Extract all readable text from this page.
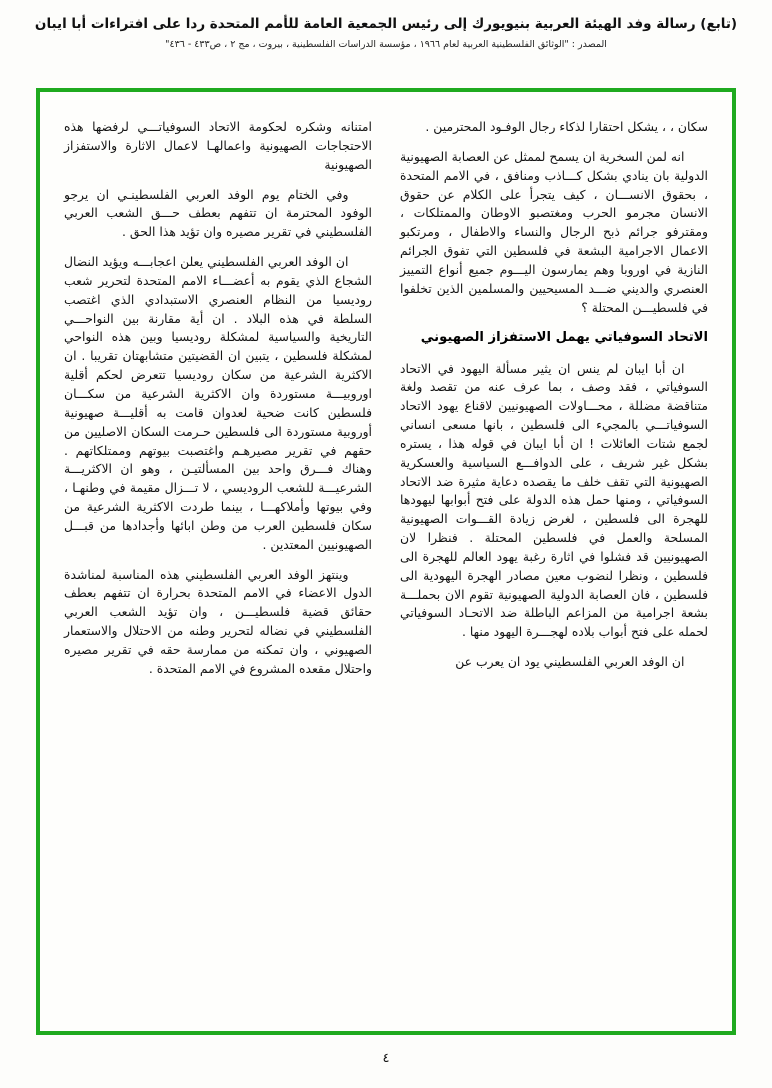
(تابع) رسالة وفد الهيئة العربية بنيويورك إلى رئيس الجمعية العامة للأمم المتحدة ردا على افتراءات أبا ايبان
المصدر : "الوثائق الفلسطينية العربية لعام ١٩٦٦ ، مؤسسة الدراسات الفلسطينية ، بيروت ، مج ٢ ، ص٤٣٣ - ٤٣٦"

سكان ، ، يشكل احتقارا لذكاء رجال الوفـود المحترمين .

انه لمن السخرية ان يسمح لممثل عن العصابة الصهيونية الدولية بان ينادي بشكل كـــاذب ومنافق ، في الامم المتحدة ، بحقوق الانســـان ، كيف يتجرأ على الكلام عن حقوق الانسان مجرمو الحرب ومغتصبو الاوطان والممتلكات ، ومقترفو جرائم ذبح الرجال والنساء والاطفال ، ومرتكبو الاعمال الاجرامية البشعة في فلسطين التي تفوق الجرائم النازية في اوروبا وهم يمارسون اليـــوم جميع أنواع التمييز العنصري والديني ضـــد المسيحيين والمسلمين الذين تخلفوا في فلسطيـــن المحتلة ؟

الاتحاد السوفياتي يهمل الاستفزاز الصهيوني

ان أبا ايبان لم ينس ان يثير مسألة اليهود في الاتحاد السوفياتي ، فقد وصف ، بما عرف عنه من تقصد ولغة متناقضة مضللة ، محـــاولات الصهيونيين لاقناع يهود الاتحاد السوفياتـــي بالمجيء الى فلسطين ، بانها مسعى انساني لجمع شتات العائلات ! ان أبا ايبان في قوله هذا ، يستره بشكل غير شريف ، على الدوافـــع السياسية والعسكرية الصهيونية التي تقف خلف ما يقصده دعاية مثيرة ضد الاتحاد السوفياتي ، ومنها حمل هذه الدولة على فتح أبوابها ليهودها للهجرة الى فلسطين ، لغرض زيادة القـــوات الصهيونية المسلحة والعمل في فلسطين المحتلة . فنظرا لان الصهيونيين قد فشلوا في اثارة رغبة يهود العالم للهجرة الى فلسطين ، ونظرا لنضوب معين مصادر الهجرة اليهودية الى فلسطين ، فان العصابة الدولية الصهيونية تقوم الان بحملـــة بشعة اجرامية من المزاعم الباطلة ضد الاتحـاد السوفياتي لحمله على فتح أبواب بلاده لهجـــرة اليهود منها .

ان الوفد العربي الفلسطيني يود ان يعرب عن

امتنانه وشكره لحكومة الاتحاد السوفياتـــي لرفضها هذه الاحتجاجات الصهيونية واعمالهـا لاعمال الاثارة والاستفزاز الصهيونية

وفي الختام يوم الوفد العربي الفلسطينـي ان يرجو الوفود المحترمة ان تتفهم بعطف حـــق الشعب العربي الفلسطيني في تقرير مصيره وان تؤيد هذا الحق .

ان الوفد العربي الفلسطيني يعلن اعجابـــه ويؤيد النضال الشجاع الذي يقوم به أعضـــاء الامم المتحدة لتحرير شعب روديسيا من النظام العنصري الاستبدادي الذي اغتصب السلطة في هذه البلاد . ان أية مقارنة بين النواحـــي التاريخية والسياسية لمشكلة روديسيا وبين هذه النواحي لمشكلة فلسطين ، يتبين ان القضيتين متشابهتان تقريبا . ان الاكثرية الشرعية من سكان روديسيا تتعرض لحكم أقلية اوروبيـــة مستوردة وان الاكثرية الشرعية من سكـــان فلسطين كانت ضحية لعدوان قامت به أقليـــة صهيونية أوروبية مستوردة الى فلسطين حـرمت السكان الاصليين من حقهم في تقرير مصيرهـم واغتصبت بيوتهم وممتلكاتهم . وهناك فـــرق واحد بين المسألتيـن ، وهو ان الاكثريـــة الشرعيـــة للشعب الروديسي ، لا تـــزال مقيمة في وطنهـا ، وفي بيوتها وأملاكهـــا ، بينما طردت الاكثرية الشرعية من سكان فلسطين العرب من وطن ابائها وأجدادها من قبـــل الصهيونيين المعتدين .

وينتهز الوفد العربي الفلسطيني هذه المناسبة لمناشدة الدول الاعضاء في الامم المتحدة بحرارة ان تتفهم بعطف حقائق قضية فلسطيـــن ، وان تؤيد الشعب العربي الفلسطيني في نضاله لتحرير وطنه من الاحتلال والاستعمار الصهيوني ، وان تمكنه من ممارسة حقه في تقرير مصيره واحتلال مقعده المشروع في الامم المتحدة .

٤
